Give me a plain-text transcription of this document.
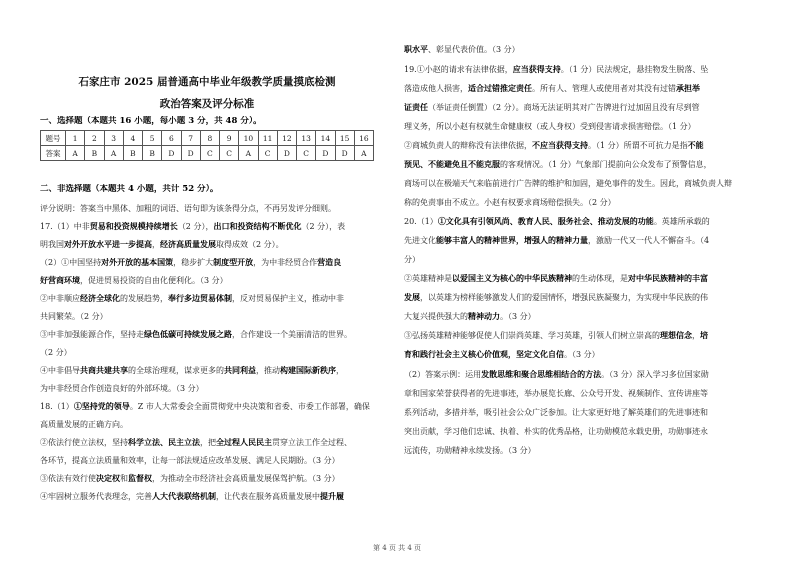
石家庄市 2025 届普通高中毕业年级教学质量摸底检测
政治答案及评分标准
一、选择题（本题共 16 小题，每小题 3 分，共 48 分）。
题号	1	2	3	4	5	6	7	8	9	10	11	12	13	14	15	16
答案	A	B	A	B	B	D	D	C	C	A	C	D	C	D	D	A
二、非选择题（本题共 4 小题，共计 52 分）。
评分说明：答案当中黑体、加粗的词语、语句即为该条得分点，不再另发评分细则。
17.（1）中非贸易和投资规模持续增长（2 分），出口和投资结构不断优化（2 分），表
明我国对外开放水平进一步提高，经济高质量发展取得成效（2 分）。
（2）①中国坚持对外开放的基本国策，稳步扩大制度型开放，为中非经贸合作营造良
好营商环境，促进贸易投资的自由化便利化。（3 分）
②中非顺应经济全球化的发展趋势，奉行多边贸易体制，反对贸易保护主义，推动中非
共同繁荣。（2 分）
③中非加强能源合作，坚持走绿色低碳可持续发展之路，合作建设一个美丽清洁的世界。
（2 分）
④中非倡导共商共建共享的全球治理观，谋求更多的共同利益，推动构建国际新秩序，
为中非经贸合作创造良好的外部环境。（3 分）
18.（1）①坚持党的领导。Z 市人大常委会全面贯彻党中央决策和省委、市委工作部署，确保
高质量发展的正确方向。
②依法行使立法权，坚持科学立法、民主立法，把全过程人民民主贯穿立法工作全过程、
各环节，提高立法质量和效率，让每一部法规适应改革发展、满足人民期盼。（3 分）
③依法有效行使决定权和监督权，为推动全市经济社会高质量发展保驾护航。（3 分）
④牢固树立服务代表理念，完善人大代表联络机制，让代表在服务高质量发展中提升履
职水平、彰显代表价值。（3 分）
19.①小赵的请求有法律依据，应当获得支持。（1 分）民法规定，悬挂物发生脱落、坠
落造成他人损害，适合过错推定责任。所有人、管理人或使用者对其没有过错承担举
证责任（举证责任倒置）（2 分）。商场无法证明其对广告牌进行过加固且没有尽到管
理义务，所以小赵有权就生命健康权（或人身权）受到侵害请求损害赔偿。（1 分）
②商城负责人的辩称没有法律依据，不应当获得支持。（1 分）所谓不可抗力是指不能
预见、不能避免且不能克服的客观情况。（1 分）气象部门提前向公众发布了预警信息，
商场可以在极端天气来临前进行广告牌的维护和加固，避免事件的发生。因此，商城负责人辩
称的免责事由不成立。小赵有权要求商场赔偿损失。（2 分）
20.（1）①文化具有引领风尚、教育人民、服务社会、推动发展的功能。英雄所承载的
先进文化能够丰富人的精神世界，增强人的精神力量，激励一代又一代人不懈奋斗。（4
分）
②英雄精神是以爱国主义为核心的中华民族精神的生动体现，是对中华民族精神的丰富
发展，以英雄为榜样能够激发人们的爱国情怀，增强民族凝聚力，为实现中华民族的伟
大复兴提供强大的精神动力。（3 分）
③弘扬英雄精神能够促使人们崇尚英雄、学习英雄，引领人们树立崇高的理想信念，培
育和践行社会主义核心价值观，坚定文化自信。（3 分）
（2）答案示例：运用发散思维和聚合思维相结合的方法。（3 分）深入学习多位国家勋
章和国家荣誉获得者的先进事迹，举办展览长廊、公众号开发、视频制作、宣传讲座等
系列活动，多措并举，吸引社会公众广泛参加。让大家更好地了解英雄们的先进事迹和
突出贡献，学习他们忠诚、执着、朴实的优秀品格，让功勋模范永载史册，功勋事迹永
远流传，功勋精神永续发扬。（3 分）
第 4 页 共 4 页
